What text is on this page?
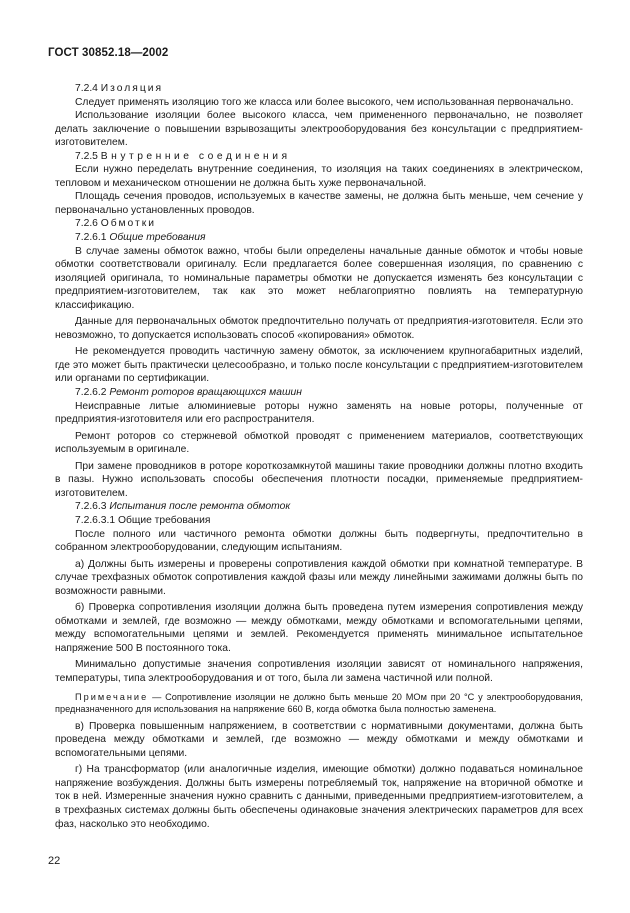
ГОСТ 30852.18—2002

7.2.4 Изоляция

Следует применять изоляцию того же класса или более высокого, чем использованная первоначально.

Использование изоляции более высокого класса, чем примененного первоначально, не позволяет делать заключение о повышении взрывозащиты электрооборудования без консультации с предприятием-изготовителем.

7.2.5 Внутренние соединения

Если нужно переделать внутренние соединения, то изоляция на таких соединениях в электрическом, тепловом и механическом отношении не должна быть хуже первоначальной.

Площадь сечения проводов, используемых в качестве замены, не должна быть меньше, чем сечение у первоначально установленных проводов.

7.2.6 Обмотки

7.2.6.1 Общие требования

В случае замены обмоток важно, чтобы были определены начальные данные обмоток и чтобы новые обмотки соответствовали оригиналу. Если предлагается более совершенная изоляция, по сравнению с изоляцией оригинала, то номинальные параметры обмотки не допускается изменять без консультации с предприятием-изготовителем, так как это может неблагоприятно повлиять на температурную классификацию.

Данные для первоначальных обмоток предпочтительно получать от предприятия-изготовителя. Если это невозможно, то допускается использовать способ «копирования» обмоток.

Не рекомендуется проводить частичную замену обмоток, за исключением крупногабаритных изделий, где это может быть практически целесообразно, и только после консультации с предприятием-изготовителем или органами по сертификации.

7.2.6.2 Ремонт роторов вращающихся машин

Неисправные литые алюминиевые роторы нужно заменять на новые роторы, полученные от предприятия-изготовителя или его распространителя.

Ремонт роторов со стержневой обмоткой проводят с применением материалов, соответствующих используемым в оригинале.

При замене проводников в роторе короткозамкнутой машины такие проводники должны плотно входить в пазы. Нужно использовать способы обеспечения плотности посадки, применяемые предприятием-изготовителем.

7.2.6.3 Испытания после ремонта обмоток

7.2.6.3.1 Общие требования

После полного или частичного ремонта обмотки должны быть подвергнуты, предпочтительно в собранном электрооборудовании, следующим испытаниям.

а) Должны быть измерены и проверены сопротивления каждой обмотки при комнатной температуре. В случае трехфазных обмоток сопротивления каждой фазы или между линейными зажимами должны быть по возможности равными.

б) Проверка сопротивления изоляции должна быть проведена путем измерения сопротивления между обмотками и землей, где возможно — между обмотками, между обмотками и вспомогательными цепями, между вспомогательными цепями и землей. Рекомендуется применять минимальное испытательное напряжение 500 В постоянного тока.

Минимально допустимые значения сопротивления изоляции зависят от номинального напряжения, температуры, типа электрооборудования и от того, была ли замена частичной или полной.

Примечание — Сопротивление изоляции не должно быть меньше 20 МОм при 20 °С у электрооборудования, предназначенного для использования на напряжение 660 В, когда обмотка была полностью заменена.

в) Проверка повышенным напряжением, в соответствии с нормативными документами, должна быть проведена между обмотками и землей, где возможно — между обмотками и между обмотками и вспомогательными цепями.

г) На трансформатор (или аналогичные изделия, имеющие обмотки) должно подаваться номинальное напряжение возбуждения. Должны быть измерены потребляемый ток, напряжение на вторичной обмотке и ток в ней. Измеренные значения нужно сравнить с данными, приведенными предприятием-изготовителем, а в трехфазных системах должны быть обеспечены одинаковые значения электрических параметров для всех фаз, насколько это необходимо.

22
